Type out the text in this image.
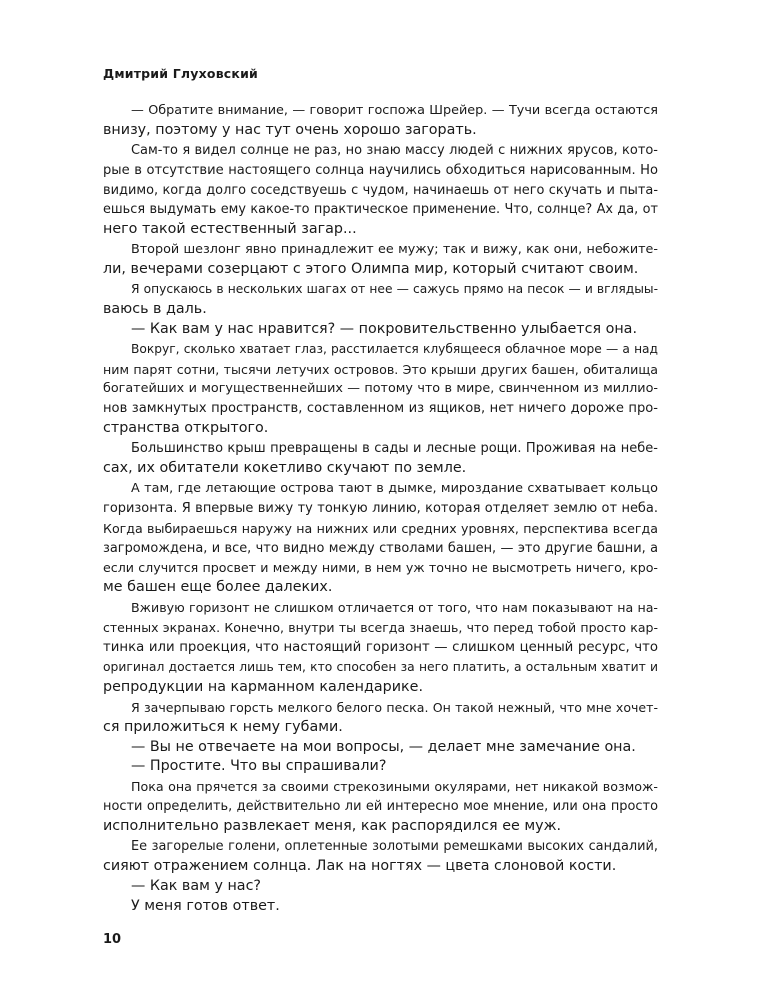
Дмитрий Глуховский
— Обратите внимание, — говорит госпожа Шрейер. — Тучи всегда остаются
внизу, поэтому у нас тут очень хорошо загорать.
Сам-то я видел солнце не раз, но знаю массу людей с нижних ярусов, кото-
рые в отсутствие настоящего солнца научились обходиться нарисованным. Но
видимо, когда долго соседствуешь с чудом, начинаешь от него скучать и пыта-
ешься выдумать ему какое-то практическое применение. Что, солнце? Ах да, от
него такой естественный загар...
Второй шезлонг явно принадлежит ее мужу; так и вижу, как они, небожите-
ли, вечерами созерцают с этого Олимпа мир, который считают своим.
Я опускаюсь в нескольких шагах от нее — сажусь прямо на песок — и вглядыы-
ваюсь в даль.
— Как вам у нас нравится? — покровительственно улыбается она.
Вокруг, сколько хватает глаз, расстилается клубящееся облачное море — а над
ним парят сотни, тысячи летучих островов. Это крыши других башен, обиталища
богатейших и могущественнейших — потому что в мире, свинченном из миллио-
нов замкнутых пространств, составленном из ящиков, нет ничего дороже про-
странства открытого.
Большинство крыш превращены в сады и лесные рощи. Проживая на небе-
сах, их обитатели кокетливо скучают по земле.
А там, где летающие острова тают в дымке, мироздание схватывает кольцо
горизонта. Я впервые вижу ту тонкую линию, которая отделяет землю от неба.
Когда выбираешься наружу на нижних или средних уровнях, перспектива всегда
загромождена, и все, что видно между стволами башен, — это другие башни, а
если случится просвет и между ними, в нем уж точно не высмотреть ничего, кро-
ме башен еще более далеких.
Вживую горизонт не слишком отличается от того, что нам показывают на на-
стенных экранах. Конечно, внутри ты всегда знаешь, что перед тобой просто кар-
тинка или проекция, что настоящий горизонт — слишком ценный ресурс, что
оригинал достается лишь тем, кто способен за него платить, а остальным хватит и
репродукции на карманном календарике.
Я зачерпываю горсть мелкого белого песка. Он такой нежный, что мне хочет-
ся приложиться к нему губами.
— Вы не отвечаете на мои вопросы, — делает мне замечание она.
— Простите. Что вы спрашивали?
Пока она прячется за своими стрекозиными окулярами, нет никакой возмож-
ности определить, действительно ли ей интересно мое мнение, или она просто
исполнительно развлекает меня, как распорядился ее муж.
Ее загорелые голени, оплетенные золотыми ремешками высоких сандалий,
сияют отражением солнца. Лак на ногтях — цвета слоновой кости.
— Как вам у нас?
У меня готов ответ.
10
